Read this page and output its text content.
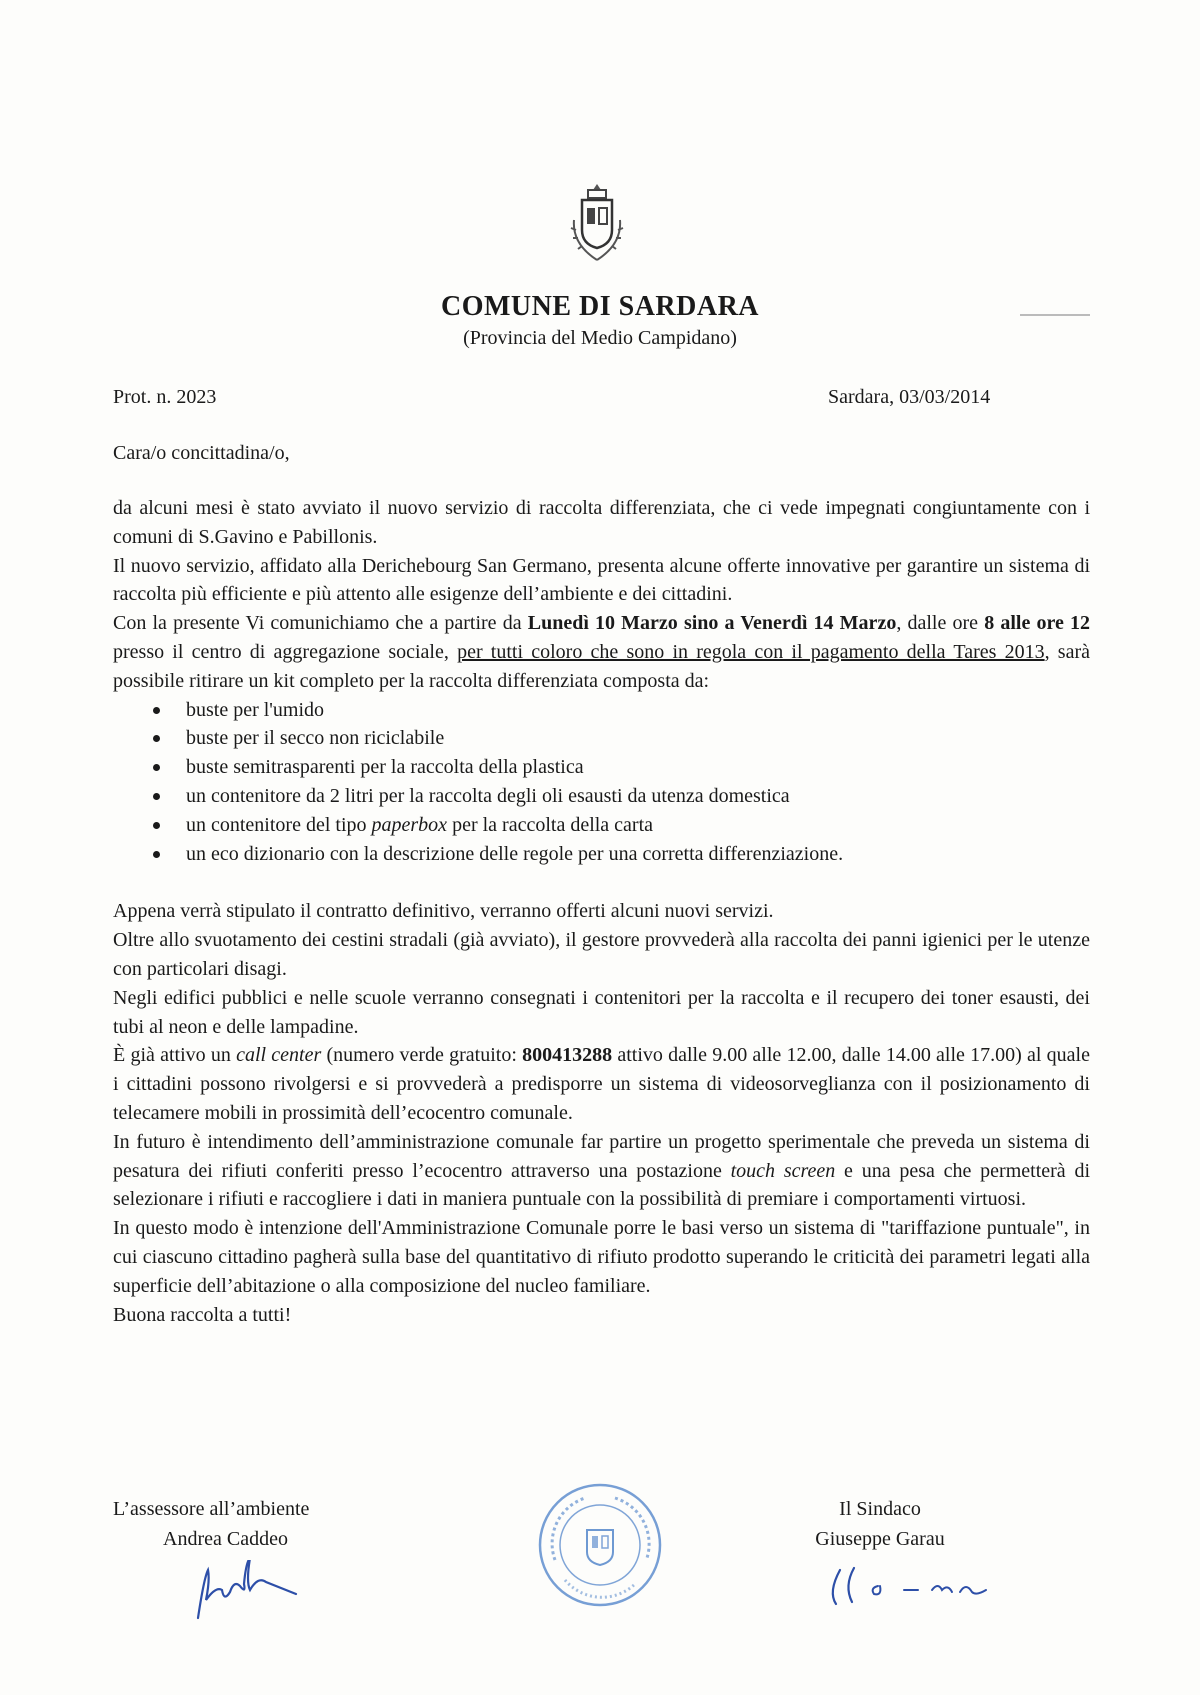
COMUNE DI SARDARA
(Provincia del Medio Campidano)
Prot. n. 2023	Sardara, 03/03/2014
Cara/o concittadina/o,

da alcuni mesi è stato avviato il nuovo servizio di raccolta differenziata, che ci vede impegnati congiuntamente con i comuni di S.Gavino e Pabillonis.

Il nuovo servizio, affidato alla Derichebourg San Germano, presenta alcune offerte innovative per garantire un sistema di raccolta più efficiente e più attento alle esigenze dell’ambiente e dei cittadini.

Con la presente Vi comunichiamo che a partire da Lunedì 10 Marzo sino a Venerdì 14 Marzo, dalle ore 8 alle ore 12 presso il centro di aggregazione sociale, per tutti coloro che sono in regola con il pagamento della Tares 2013, sarà possibile ritirare un kit completo per la raccolta differenziata composta da:

buste per l'umido
buste per il secco non riciclabile
buste semitrasparenti per la raccolta della plastica
un contenitore da 2 litri per la raccolta degli oli esausti da utenza domestica
un contenitore del tipo paperbox per la raccolta della carta
un eco dizionario con la descrizione delle regole per una corretta differenziazione.

Appena verrà stipulato il contratto definitivo, verranno offerti alcuni nuovi servizi.

Oltre allo svuotamento dei cestini stradali (già avviato), il gestore provvederà alla raccolta dei panni igienici per le utenze con particolari disagi.

Negli edifici pubblici e nelle scuole verranno consegnati i contenitori per la raccolta e il recupero dei toner esausti, dei tubi al neon e delle lampadine.

È già attivo un call center (numero verde gratuito: 800413288 attivo dalle 9.00 alle 12.00, dalle 14.00 alle 17.00) al quale i cittadini possono rivolgersi e si provvederà a predisporre un sistema di videosorveglianza con il posizionamento di telecamere mobili in prossimità dell’ecocentro comunale.

In futuro è intendimento dell’amministrazione comunale far partire un progetto sperimentale che preveda un sistema di pesatura dei rifiuti conferiti presso l’ecocentro attraverso una postazione touch screen e una pesa che permetterà di selezionare i rifiuti e raccogliere i dati in maniera puntuale con la possibilità di premiare i comportamenti virtuosi.

In questo modo è intenzione dell'Amministrazione Comunale porre le basi verso un sistema di "tariffazione puntuale", in cui ciascuno cittadino pagherà sulla base del quantitativo di rifiuto prodotto superando le criticità dei parametri legati alla superficie dell’abitazione o alla composizione del nucleo familiare.

Buona raccolta a tutti!

L’assessore all’ambiente
Andrea Caddeo
Il Sindaco
Giuseppe Garau
